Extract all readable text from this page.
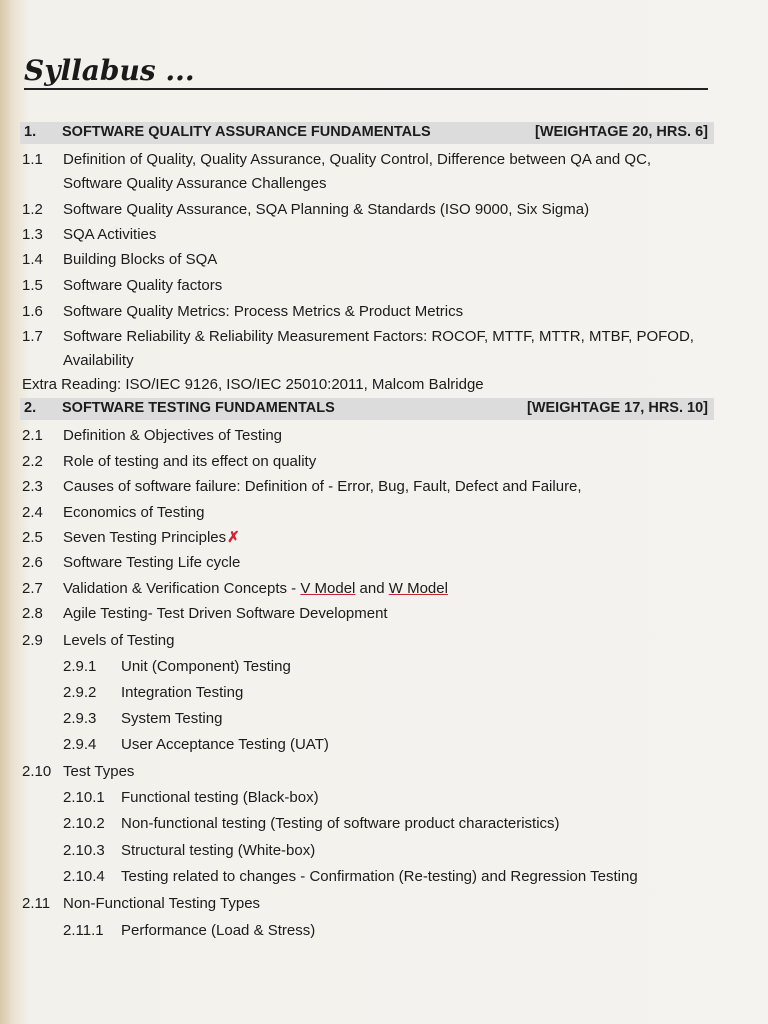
Syllabus ...
1. SOFTWARE QUALITY ASSURANCE FUNDAMENTALS	[WEIGHTAGE 20, HRS. 6]
1.1 Definition of Quality, Quality Assurance, Quality Control, Difference between QA and QC, Software Quality Assurance Challenges
1.2 Software Quality Assurance, SQA Planning & Standards (ISO 9000, Six Sigma)
1.3 SQA Activities
1.4 Building Blocks of SQA
1.5 Software Quality factors
1.6 Software Quality Metrics: Process Metrics & Product Metrics
1.7 Software Reliability & Reliability Measurement Factors: ROCOF, MTTF, MTTR, MTBF, POFOD, Availability
Extra Reading: ISO/IEC 9126, ISO/IEC 25010:2011, Malcom Balridge
2. SOFTWARE TESTING FUNDAMENTALS	[WEIGHTAGE 17, HRS. 10]
2.1 Definition & Objectives of Testing
2.2 Role of testing and its effect on quality
2.3 Causes of software failure: Definition of - Error, Bug, Fault, Defect and Failure,
2.4 Economics of Testing
2.5 Seven Testing Principles✗
2.6 Software Testing Life cycle
2.7 Validation & Verification Concepts - V Model and W Model
2.8 Agile Testing- Test Driven Software Development
2.9 Levels of Testing
2.9.1 Unit (Component) Testing
2.9.2 Integration Testing
2.9.3 System Testing
2.9.4 User Acceptance Testing (UAT)
2.10 Test Types
2.10.1 Functional testing (Black-box)
2.10.2 Non-functional testing (Testing of software product characteristics)
2.10.3 Structural testing (White-box)
2.10.4 Testing related to changes - Confirmation (Re-testing) and Regression Testing
2.11 Non-Functional Testing Types
2.11.1 Performance (Load & Stress)
